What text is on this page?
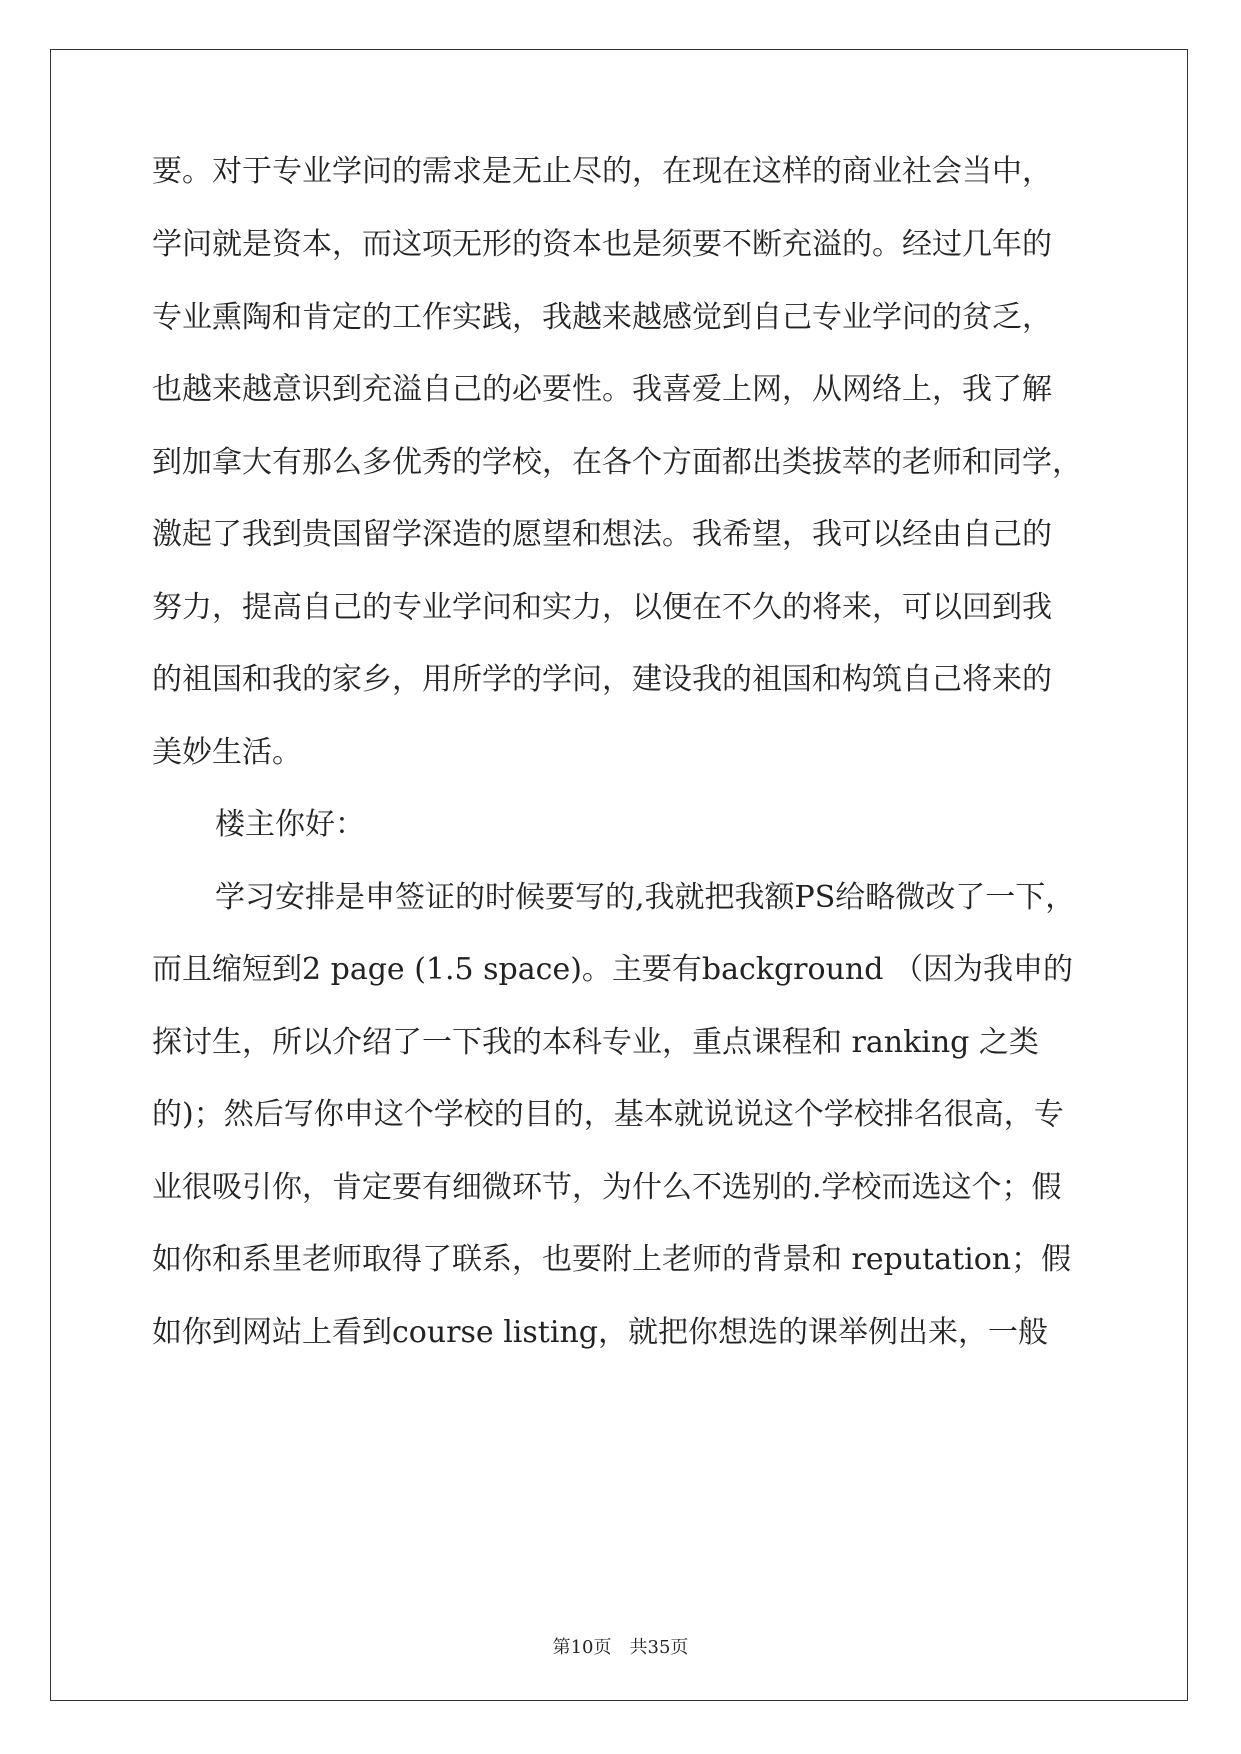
要。对于专业学问的需求是无止尽的，在现在这样的商业社会当中，
学问就是资本，而这项无形的资本也是须要不断充溢的。经过几年的
专业熏陶和肯定的工作实践，我越来越感觉到自己专业学问的贫乏，
也越来越意识到充溢自己的必要性。我喜爱上网，从网络上，我了解
到加拿大有那么多优秀的学校，在各个方面都出类拔萃的老师和同学，
激起了我到贵国留学深造的愿望和想法。我希望，我可以经由自己的
努力，提高自己的专业学问和实力，以便在不久的将来，可以回到我
的祖国和我的家乡，用所学的学问，建设我的祖国和构筑自己将来的
美妙生活。
楼主你好：
学习安排是申签证的时候要写的,我就把我额PS给略微改了一下，
而且缩短到2 page (1.5 space)。主要有background （因为我申的
探讨生，所以介绍了一下我的本科专业，重点课程和 ranking 之类
的)；然后写你申这个学校的目的，基本就说说这个学校排名很高，专
业很吸引你，肯定要有细微环节，为什么不选别的.学校而选这个；假
如你和系里老师取得了联系，也要附上老师的背景和 reputation；假
如你到网站上看到course listing，就把你想选的课举例出来，一般
第10页　共35页
